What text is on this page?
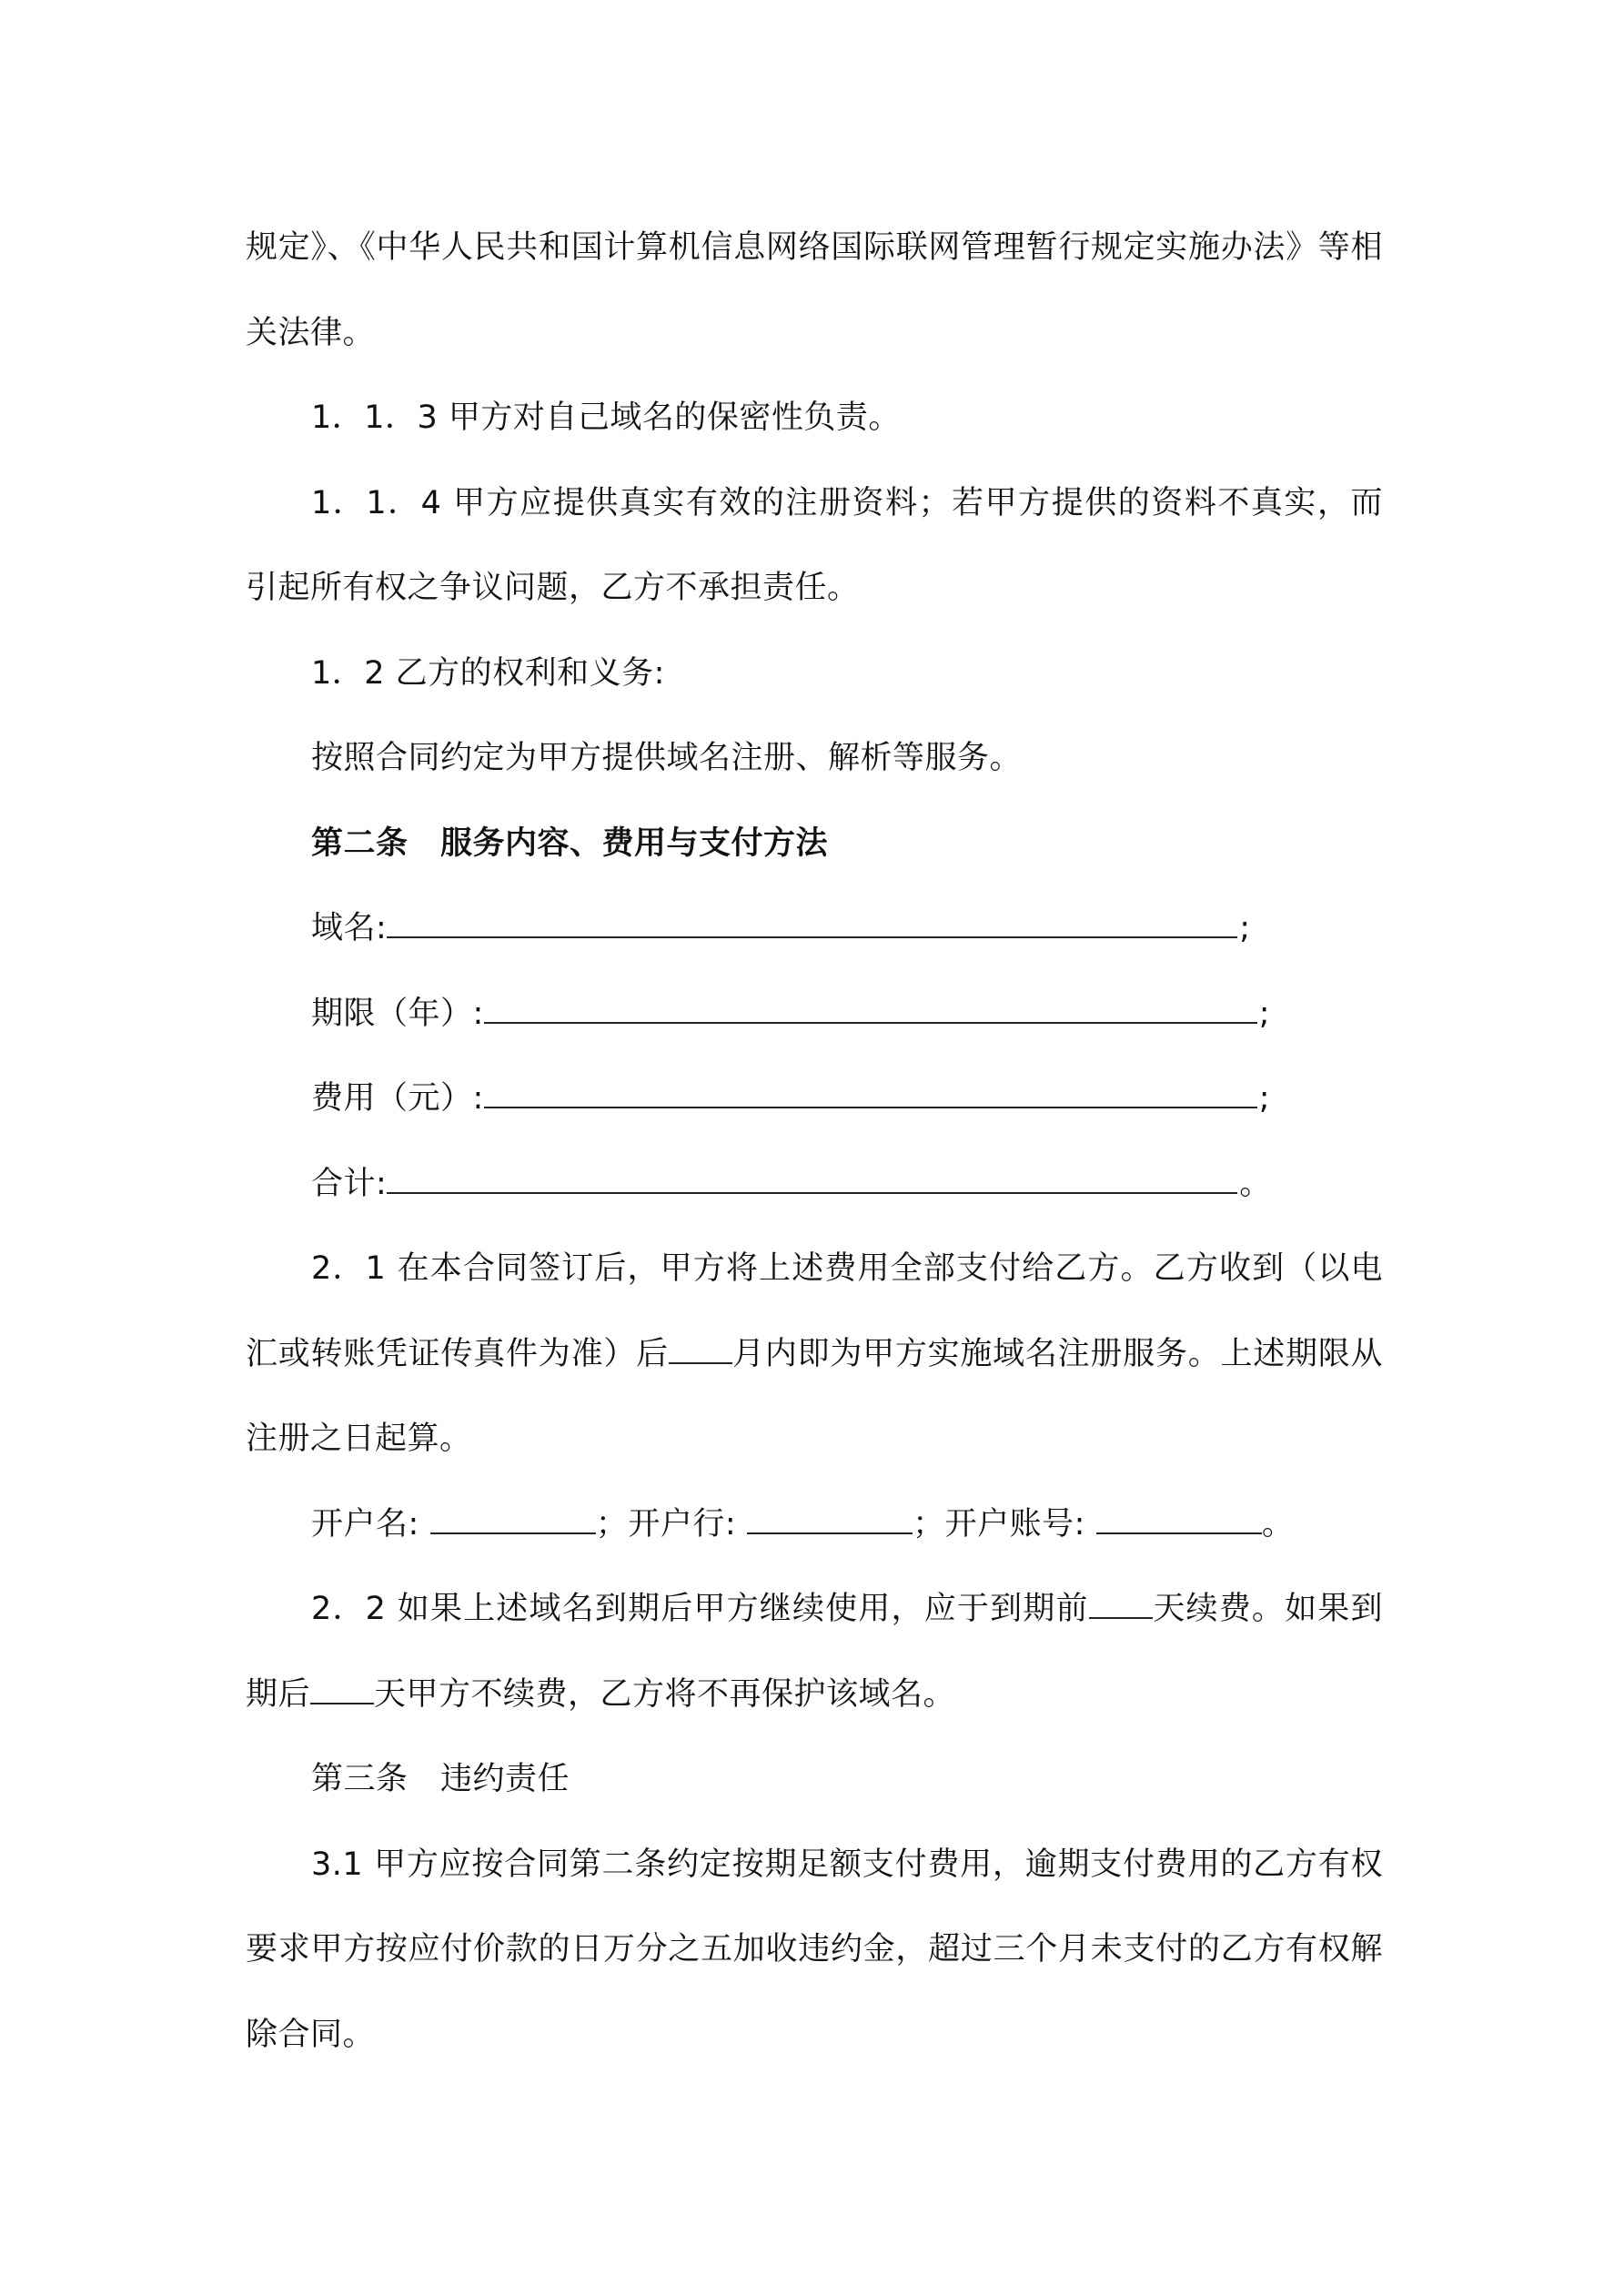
规定》、《中华人民共和国计算机信息网络国际联网管理暂行规定实施办法》等相关法律。

1．1．3 甲方对自己域名的保密性负责。

1．1．4 甲方应提供真实有效的注册资料；若甲方提供的资料不真实，而引起所有权之争议问题，乙方不承担责任。

1．2 乙方的权利和义务:

按照合同约定为甲方提供域名注册、解析等服务。

第二条　服务内容、费用与支付方法

域名:	;
期限（年）:	;
费用（元）:	;
合计:	。

2．1 在本合同签订后，甲方将上述费用全部支付给乙方。乙方收到（以电汇或转账凭证传真件为准）后 月内即为甲方实施域名注册服务。上述期限从注册之日起算。

开户名:	； 开户行:	； 开户账号:	。

2．2 如果上述域名到期后甲方继续使用，应于到期前 天续费。如果到期后 天甲方不续费，乙方将不再保护该域名。

第三条　违约责任

3.1 甲方应按合同第二条约定按期足额支付费用，逾期支付费用的乙方有权要求甲方按应付价款的日万分之五加收违约金，超过三个月未支付的乙方有权解除合同。
